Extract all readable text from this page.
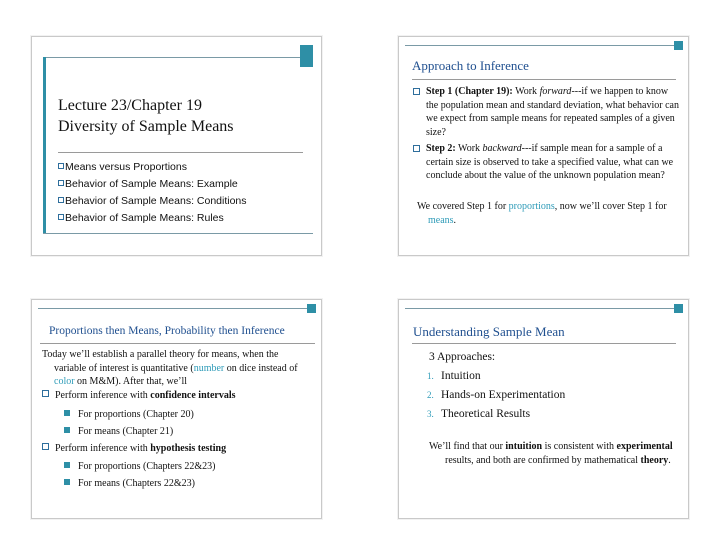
Lecture 23/Chapter 19
Diversity of Sample Means
Means versus Proportions
Behavior of Sample Means: Example
Behavior of Sample Means: Conditions
Behavior of Sample Means: Rules
Approach to Inference
Step 1 (Chapter 19): Work forward---if we happen to know the population mean and standard deviation, what behavior can we expect from sample means for repeated samples of a given size?
Step 2: Work backward---if sample mean for a sample of a certain size is observed to take a specified value, what can we conclude about the value of the unknown population mean?
We covered Step 1 for proportions, now we’ll cover Step 1 for means.
Proportions then Means, Probability then Inference
Today we’ll establish a parallel theory for means, when the variable of interest is quantitative (number on dice instead of color on M&M). After that, we’ll
Perform inference with confidence intervals
For proportions (Chapter 20)
For means (Chapter 21)
Perform inference with hypothesis testing
For proportions (Chapters 22&23)
For means (Chapters 22&23)
Understanding Sample Mean
3 Approaches:
1. Intuition
2. Hands-on Experimentation
3. Theoretical Results
We’ll find that our intuition is consistent with experimental results, and both are confirmed by mathematical theory.
